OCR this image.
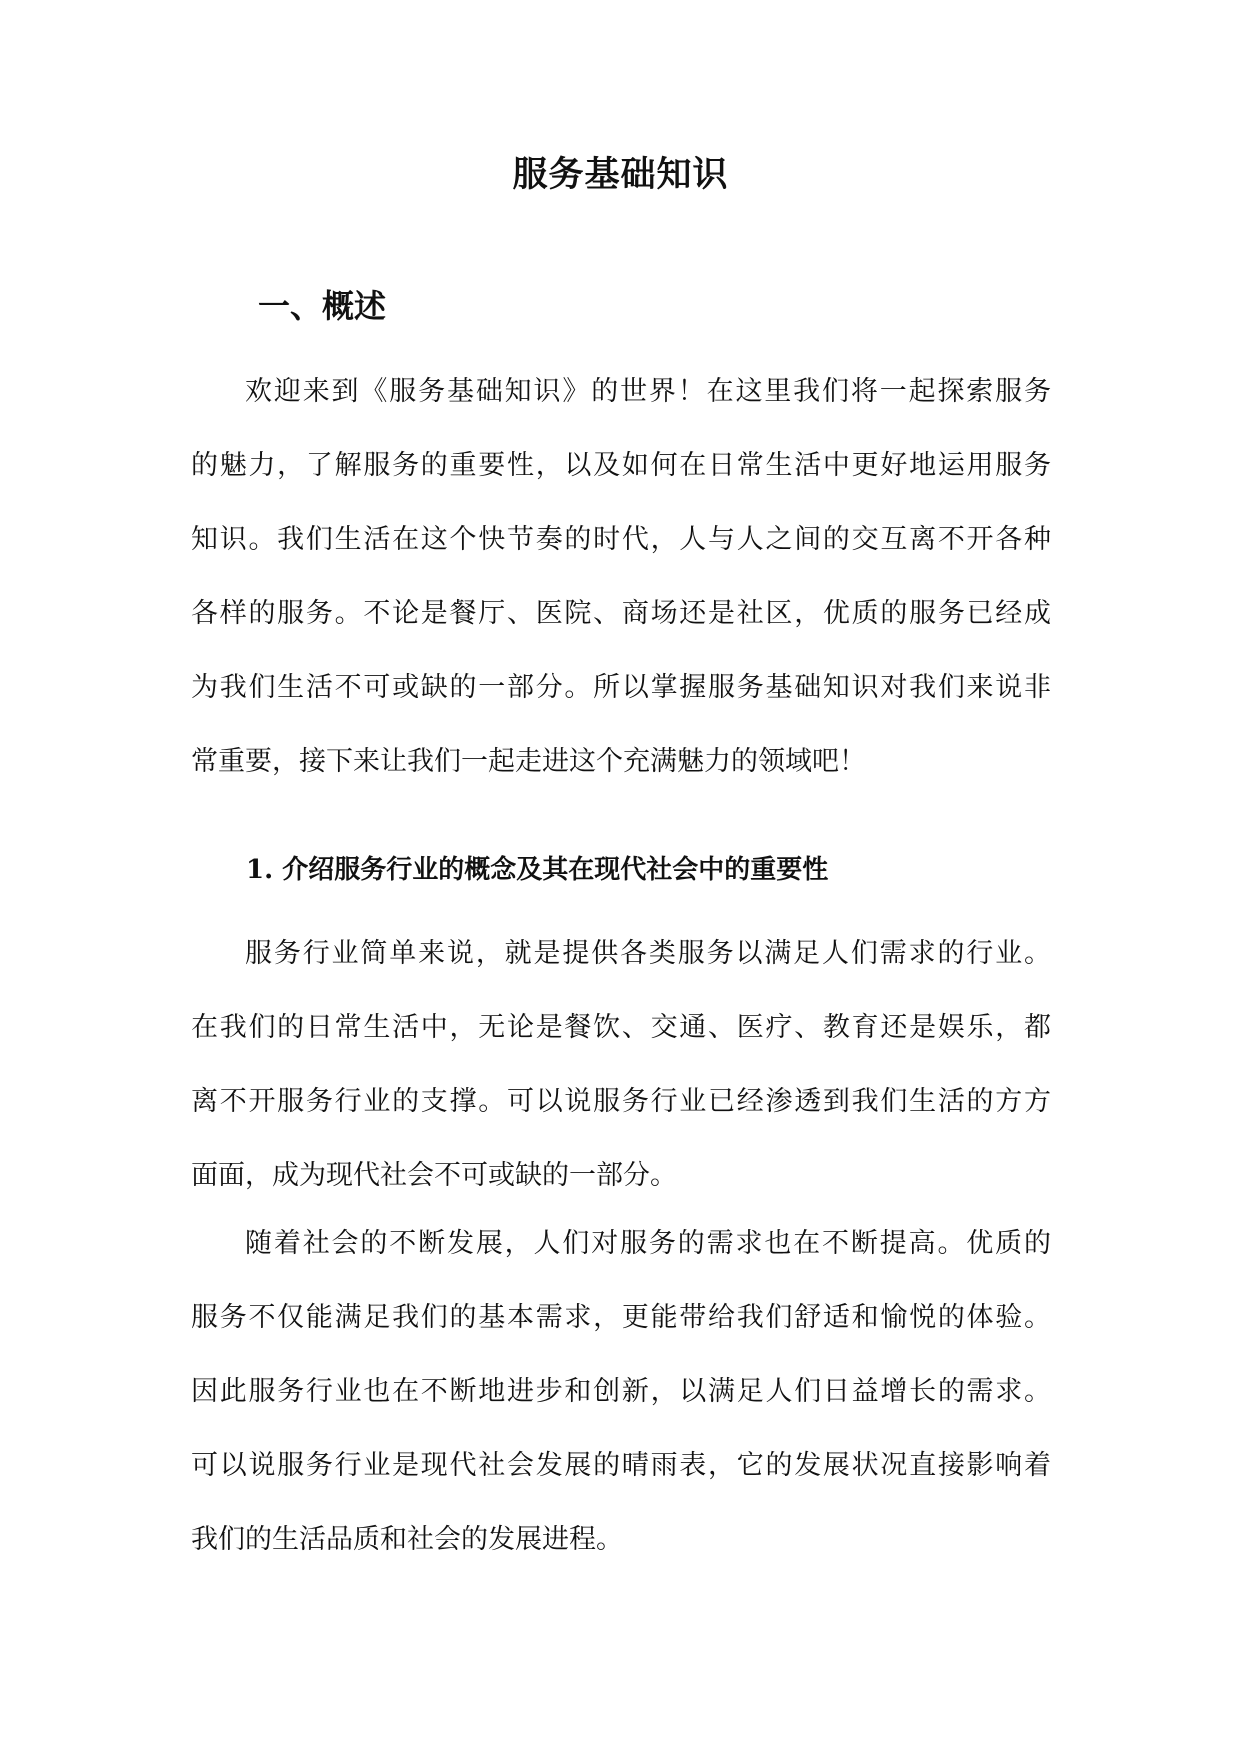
服务基础知识
一、概述
欢迎来到《服务基础知识》的世界！在这里我们将一起探索服务
的魅力，了解服务的重要性，以及如何在日常生活中更好地运用服务
知识。我们生活在这个快节奏的时代，人与人之间的交互离不开各种
各样的服务。不论是餐厅、医院、商场还是社区，优质的服务已经成
为我们生活不可或缺的一部分。所以掌握服务基础知识对我们来说非
常重要，接下来让我们一起走进这个充满魅力的领域吧！
1. 介绍服务行业的概念及其在现代社会中的重要性
服务行业简单来说，就是提供各类服务以满足人们需求的行业。
在我们的日常生活中，无论是餐饮、交通、医疗、教育还是娱乐，都
离不开服务行业的支撑。可以说服务行业已经渗透到我们生活的方方
面面，成为现代社会不可或缺的一部分。
随着社会的不断发展，人们对服务的需求也在不断提高。优质的
服务不仅能满足我们的基本需求，更能带给我们舒适和愉悦的体验。
因此服务行业也在不断地进步和创新，以满足人们日益增长的需求。
可以说服务行业是现代社会发展的晴雨表，它的发展状况直接影响着
我们的生活品质和社会的发展进程。
